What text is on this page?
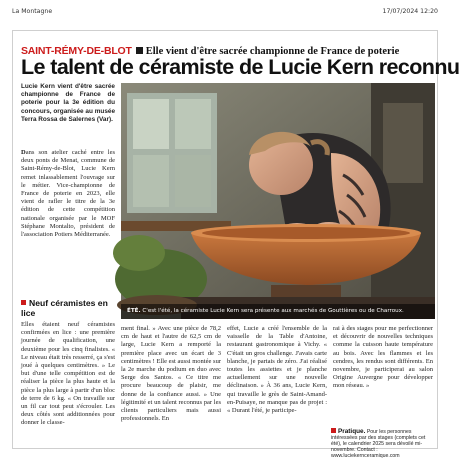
La Montagne	17/07/2024 12:20
SAINT-RÉMY-DE-BLOT Elle vient d'être sacrée championne de France de poterie
Le talent de céramiste de Lucie Kern reconnu
Lucie Kern vient d'être sacrée championne de France de poterie pour la 3e édition du concours, organisée au musée Terra Rossa de Salernes (Var).
Dans son atelier caché entre les deux ponts de Menat, commune de Saint-Rémy-de-Blot, Lucie Kern remet inlassablement l'ouvrage sur le métier. Vice-championne de France de poterie en 2023, elle vient de rafler le titre de la 3e édition de cette compétition nationale organisée par le MOF Stéphane Montalto, président de l'association Potiers Méditerranée.
ÉTÉ. C'est l'été, la céramiste Lucie Kern sera présente aux marchés de Gouttières ou de Charroux.
Neuf céramistes en lice
Elles étaient neuf céramistes confirmées en lice : une première journée de qualification, une deuxième pour les cinq finalistes. « Le niveau était très resserré, ça s'est joué à quelques centimètres. » Le but d'une telle compétition est de réaliser la pièce la plus haute et la pièce la plus large à partir d'un bloc de terre de 6 kg. « On travaille sur un fil car tout peut s'écrouler. Les deux côtés sont additionnées pour donner le classe-
ment final. » Avec une pièce de 78,2 cm de haut et l'autre de 62,5 cm de large, Lucie Kern a remporté la première place avec un écart de 3 centimètres ! Elle est aussi montée sur la 2e marche du podium en duo avec Serge dos Santos. « Ce titre me procure beaucoup de plaisir, me donne de la confiance aussi. » Une légitimité et un talent reconnus par les clients particuliers mais aussi professionnels. En
effet, Lucie a créé l'ensemble de la vaisselle de la Table d'Antoine, restaurant gastronomique à Vichy. « C'était un gros challenge. J'avais carte blanche, je partais de zéro. J'ai réalisé toutes les assiettes et je planche actuellement sur une nouvelle déclinaison. » À 36 ans, Lucie Kern, qui travaille le grès de Saint-Amand-en-Puisaye, ne manque pas de projet : « Durant l'été, je participe-
rai à des stages pour me perfectionner et découvrir de nouvelles techniques comme la cuisson haute température au bois. Avec les flammes et les cendres, les rendus sont différents. En novembre, je participerai au salon Origine Auvergne pour développer mon réseau. »
Pratique. Pour les personnes intéressées par des stages (complets cet été), le calendrier 2025 sera dévoilé mi-novembre. Contact : www.luciekernceramique.com
